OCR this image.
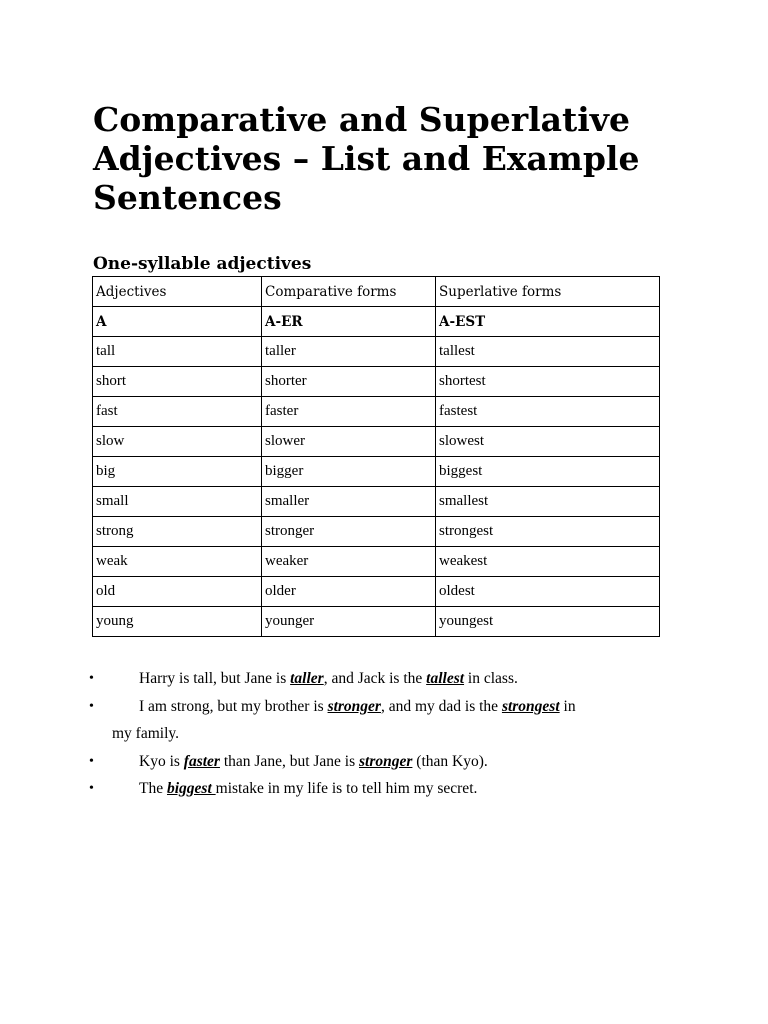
Comparative and Superlative Adjectives – List and Example Sentences
One-syllable adjectives
Adjectives	Comparative forms	Superlative forms
A	A-ER	A-EST
tall	taller	tallest
short	shorter	shortest
fast	faster	fastest
slow	slower	slowest
big	bigger	biggest
small	smaller	smallest
strong	stronger	strongest
weak	weaker	weakest
old	older	oldest
young	younger	youngest
•	Harry is tall, but Jane is taller, and Jack is the tallest in class.
•	I am strong, but my brother is stronger, and my dad is the strongest in
my family.
•	Kyo is faster than Jane, but Jane is stronger (than Kyo).
•	The biggest mistake in my life is to tell him my secret.
